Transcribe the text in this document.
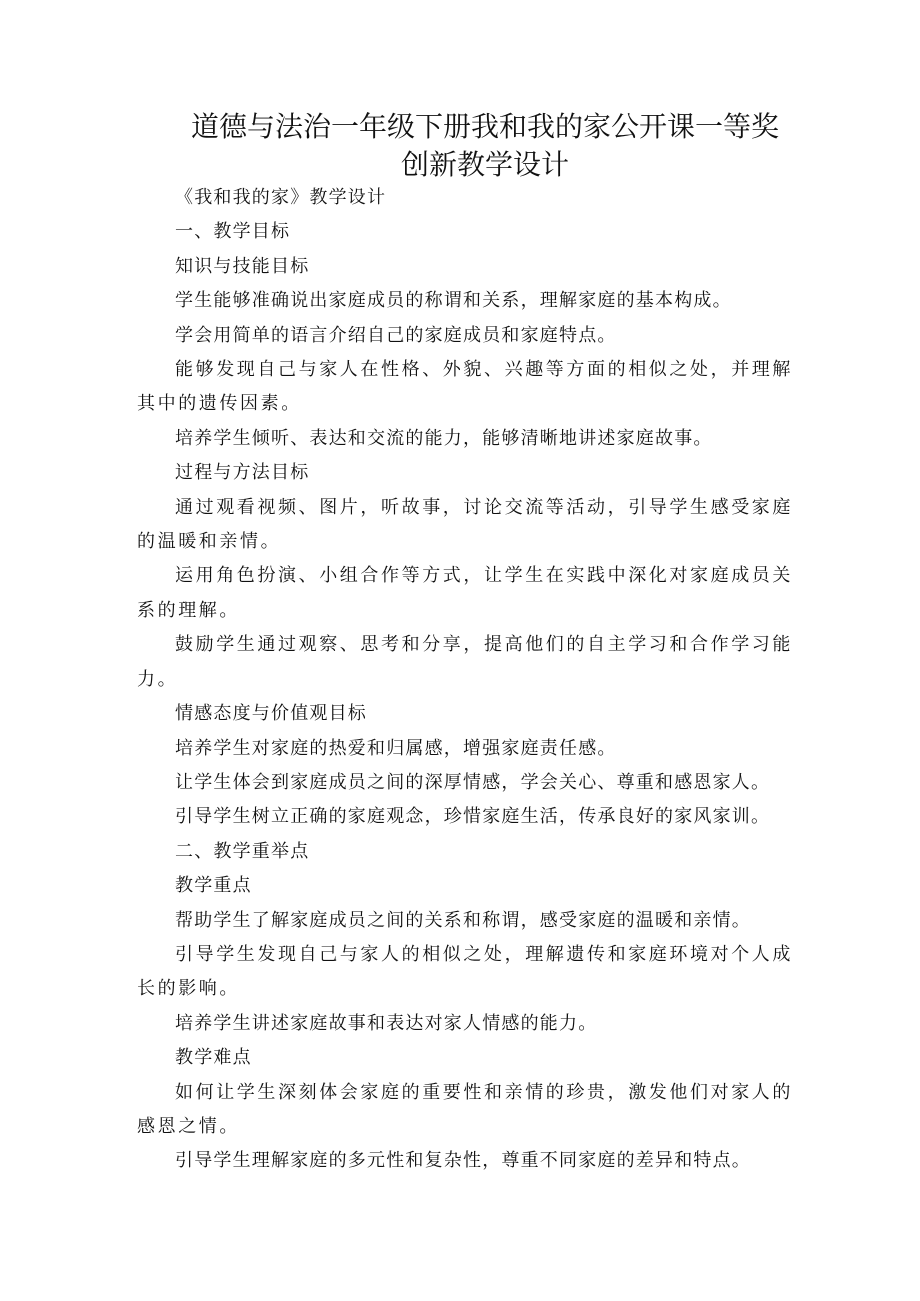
道德与法治一年级下册我和我的家公开课一等奖创新教学设计

《我和我的家》教学设计

一、教学目标

知识与技能目标

学生能够准确说出家庭成员的称谓和关系，理解家庭的基本构成。

学会用简单的语言介绍自己的家庭成员和家庭特点。

能够发现自己与家人在性格、外貌、兴趣等方面的相似之处，并理解其中的遗传因素。

培养学生倾听、表达和交流的能力，能够清晰地讲述家庭故事。

过程与方法目标

通过观看视频、图片，听故事，讨论交流等活动，引导学生感受家庭的温暖和亲情。

运用角色扮演、小组合作等方式，让学生在实践中深化对家庭成员关系的理解。

鼓励学生通过观察、思考和分享，提高他们的自主学习和合作学习能力。

情感态度与价值观目标

培养学生对家庭的热爱和归属感，增强家庭责任感。

让学生体会到家庭成员之间的深厚情感，学会关心、尊重和感恩家人。

引导学生树立正确的家庭观念，珍惜家庭生活，传承良好的家风家训。

二、教学重举点

教学重点

帮助学生了解家庭成员之间的关系和称谓，感受家庭的温暖和亲情。

引导学生发现自己与家人的相似之处，理解遗传和家庭环境对个人成长的影响。

培养学生讲述家庭故事和表达对家人情感的能力。

教学难点

如何让学生深刻体会家庭的重要性和亲情的珍贵，激发他们对家人的感恩之情。

引导学生理解家庭的多元性和复杂性，尊重不同家庭的差异和特点。
